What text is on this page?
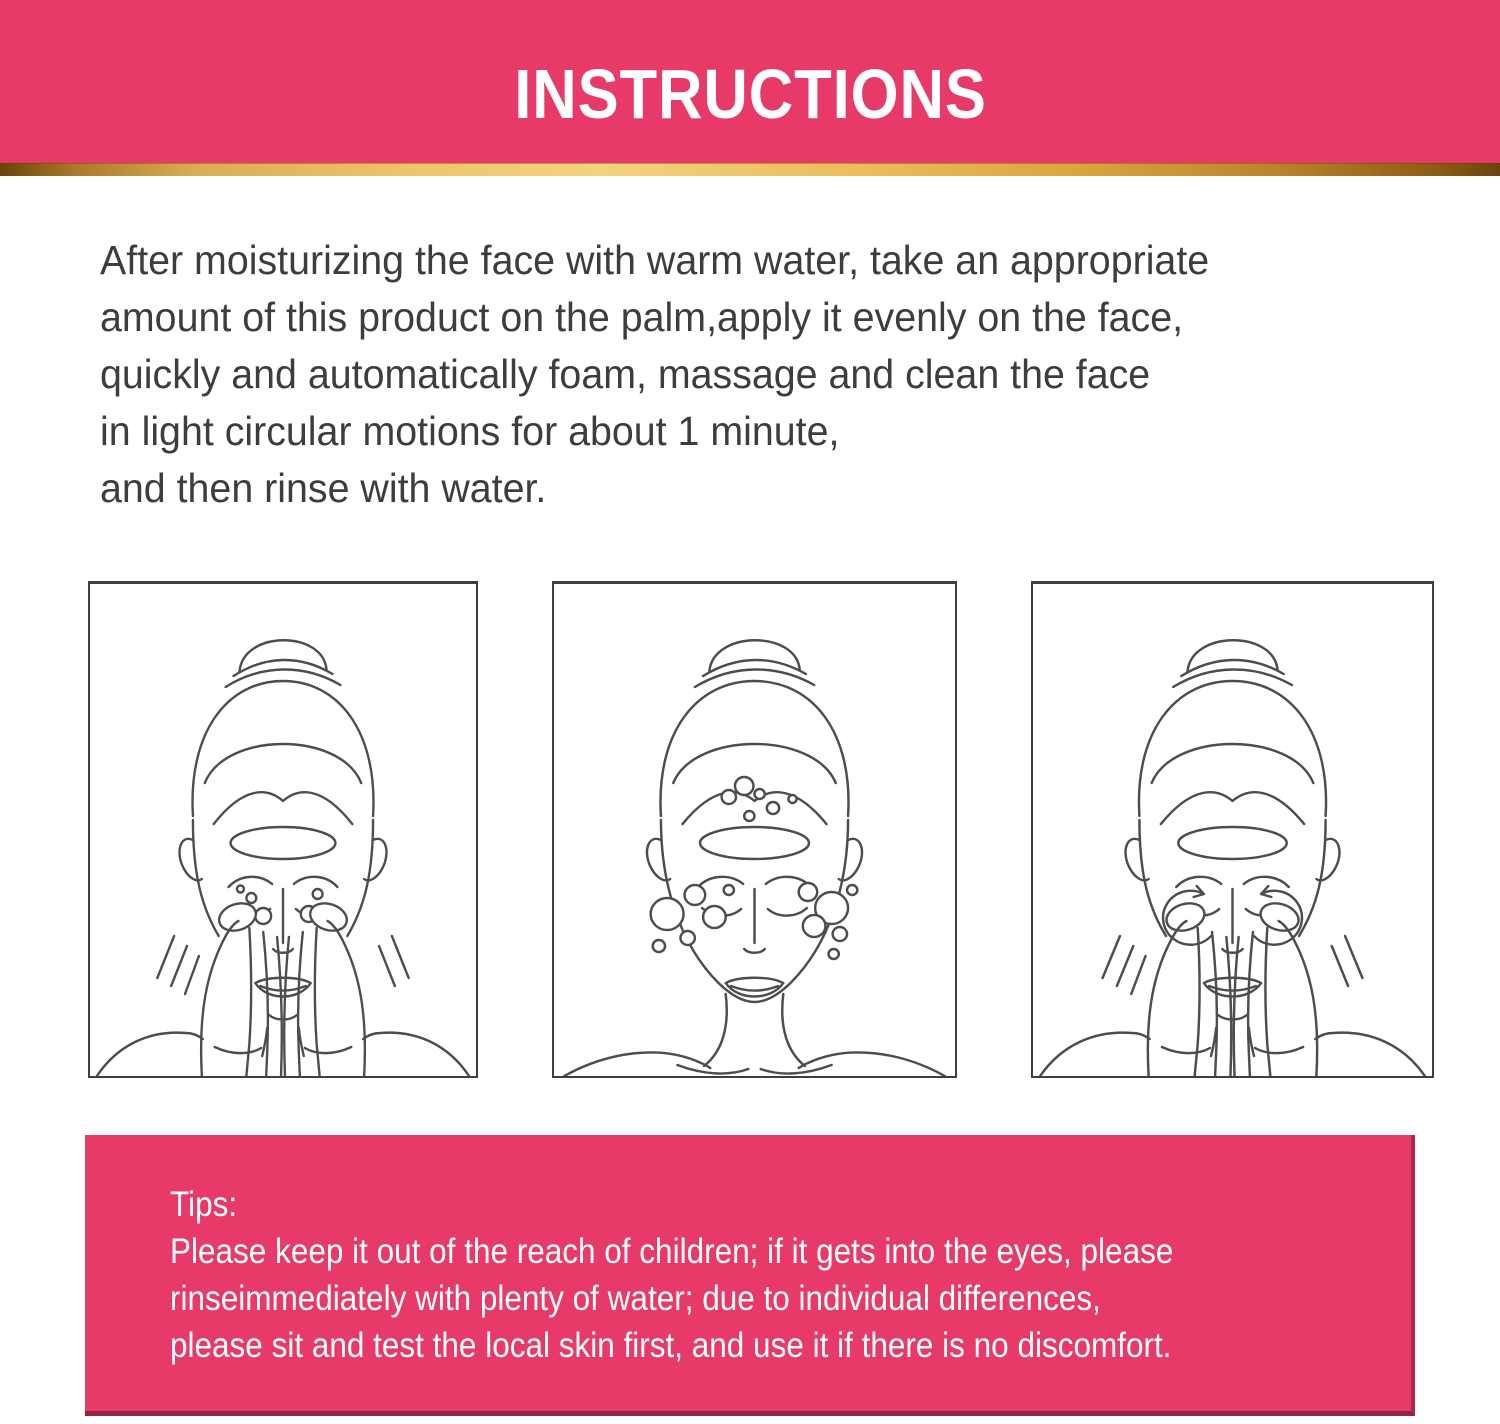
INSTRUCTIONS
After moisturizing the face with warm water, take an appropriate
amount of this product on the palm,apply it evenly on the face,
quickly and automatically foam, massage and clean the face
in light circular motions for about 1 minute,
and then rinse with water.
Tips:
Please keep it out of the reach of children; if it gets into the eyes, please
rinseimmediately with plenty of water; due to individual differences,
please sit and test the local skin first, and use it if there is no discomfort.
